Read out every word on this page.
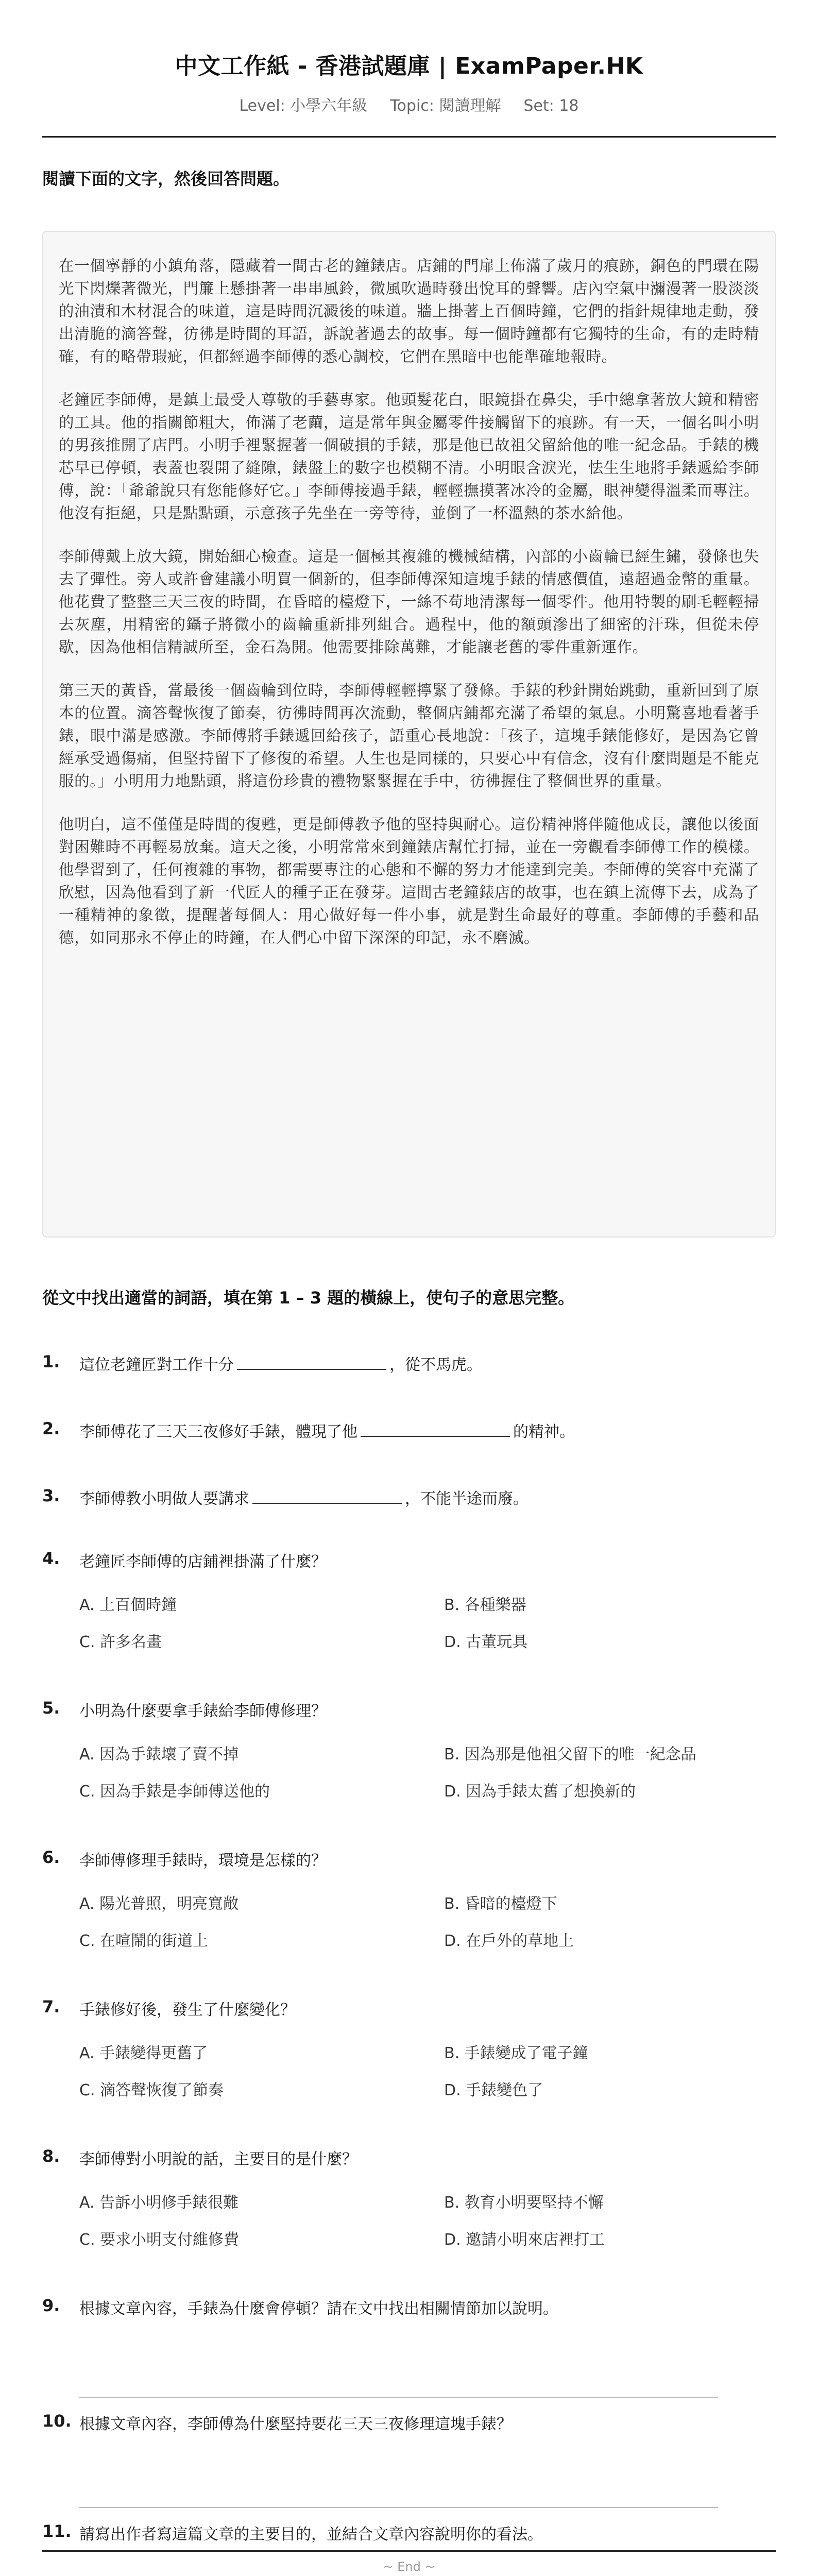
中文工作紙 - 香港試題庫 | ExamPaper.HK
Level: 小學六年級 Topic: 閱讀理解 Set: 18
閱讀下面的文字，然後回答問題。

在一個寧靜的小鎮角落，隱藏着一間古老的鐘錶店。店鋪的門扉上佈滿了歲月的痕跡，銅色的門環在陽光下閃爍著微光，門簾上懸掛著一串串風鈴，微風吹過時發出悅耳的聲響。店內空氣中瀰漫著一股淡淡的油漬和木材混合的味道，這是時間沉澱後的味道。牆上掛著上百個時鐘，它們的指針規律地走動，發出清脆的滴答聲，彷彿是時間的耳語，訴說著過去的故事。每一個時鐘都有它獨特的生命，有的走時精確，有的略帶瑕疵，但都經過李師傅的悉心調校，它們在黑暗中也能準確地報時。

老鐘匠李師傅，是鎮上最受人尊敬的手藝專家。他頭髮花白，眼鏡掛在鼻尖，手中總拿著放大鏡和精密的工具。他的指關節粗大，佈滿了老繭，這是常年與金屬零件接觸留下的痕跡。有一天，一個名叫小明的男孩推開了店門。小明手裡緊握著一個破損的手錶，那是他已故祖父留給他的唯一紀念品。手錶的機芯早已停頓，表蓋也裂開了縫隙，錶盤上的數字也模糊不清。小明眼含淚光，怯生生地將手錶遞給李師傅，說：「爺爺說只有您能修好它。」李師傅接過手錶，輕輕撫摸著冰冷的金屬，眼神變得溫柔而專注。他沒有拒絕，只是點點頭，示意孩子先坐在一旁等待，並倒了一杯溫熱的茶水給他。

李師傅戴上放大鏡，開始細心檢查。這是一個極其複雜的機械結構，內部的小齒輪已經生鏽，發條也失去了彈性。旁人或許會建議小明買一個新的，但李師傅深知這塊手錶的情感價值，遠超過金幣的重量。他花費了整整三天三夜的時間，在昏暗的檯燈下，一絲不苟地清潔每一個零件。他用特製的刷毛輕輕掃去灰塵，用精密的鑷子將微小的齒輪重新排列組合。過程中，他的額頭滲出了細密的汗珠，但從未停歇，因為他相信精誠所至，金石為開。他需要排除萬難，才能讓老舊的零件重新運作。

第三天的黃昏，當最後一個齒輪到位時，李師傅輕輕擰緊了發條。手錶的秒針開始跳動，重新回到了原本的位置。滴答聲恢復了節奏，彷彿時間再次流動，整個店鋪都充滿了希望的氣息。小明驚喜地看著手錶，眼中滿是感激。李師傅將手錶遞回給孩子，語重心長地說：「孩子，這塊手錶能修好，是因為它曾經承受過傷痛，但堅持留下了修復的希望。人生也是同樣的，只要心中有信念，沒有什麼問題是不能克服的。」小明用力地點頭，將這份珍貴的禮物緊緊握在手中，彷彿握住了整個世界的重量。

他明白，這不僅僅是時間的復甦，更是師傅教予他的堅持與耐心。這份精神將伴隨他成長，讓他以後面對困難時不再輕易放棄。這天之後，小明常常來到鐘錶店幫忙打掃，並在一旁觀看李師傅工作的模樣。他學習到了，任何複雜的事物，都需要專注的心態和不懈的努力才能達到完美。李師傅的笑容中充滿了欣慰，因為他看到了新一代匠人的種子正在發芽。這間古老鐘錶店的故事，也在鎮上流傳下去，成為了一種精神的象徵，提醒著每個人：用心做好每一件小事，就是對生命最好的尊重。李師傅的手藝和品德，如同那永不停止的時鐘，在人們心中留下深深的印記，永不磨滅。

從文中找出適當的詞語，填在第 1 – 3 題的橫線上，使句子的意思完整。
1. 這位老鐘匠對工作十分	，從不馬虎。
2. 李師傅花了三天三夜修好手錶，體現了他	的精神。
3. 李師傅教小明做人要講求	，不能半途而廢。
4. 老鐘匠李師傅的店鋪裡掛滿了什麼？
A. 上百個時鐘	B. 各種樂器
C. 許多名畫	D. 古董玩具
5. 小明為什麼要拿手錶給李師傅修理？
A. 因為手錶壞了賣不掉	B. 因為那是他祖父留下的唯一紀念品
C. 因為手錶是李師傅送他的	D. 因為手錶太舊了想換新的
6. 李師傅修理手錶時，環境是怎樣的？
A. 陽光普照，明亮寬敞	B. 昏暗的檯燈下
C. 在喧鬧的街道上	D. 在戶外的草地上
7. 手錶修好後，發生了什麼變化？
A. 手錶變得更舊了	B. 手錶變成了電子鐘
C. 滴答聲恢復了節奏	D. 手錶變色了
8. 李師傅對小明說的話，主要目的是什麼？
A. 告訴小明修手錶很難	B. 教育小明要堅持不懈
C. 要求小明支付維修費	D. 邀請小明來店裡打工
9. 根據文章內容，手錶為什麼會停頓？請在文中找出相關情節加以說明。
10. 根據文章內容，李師傅為什麼堅持要花三天三夜修理這塊手錶？
11. 請寫出作者寫這篇文章的主要目的，並結合文章內容說明你的看法。
~ End ~
